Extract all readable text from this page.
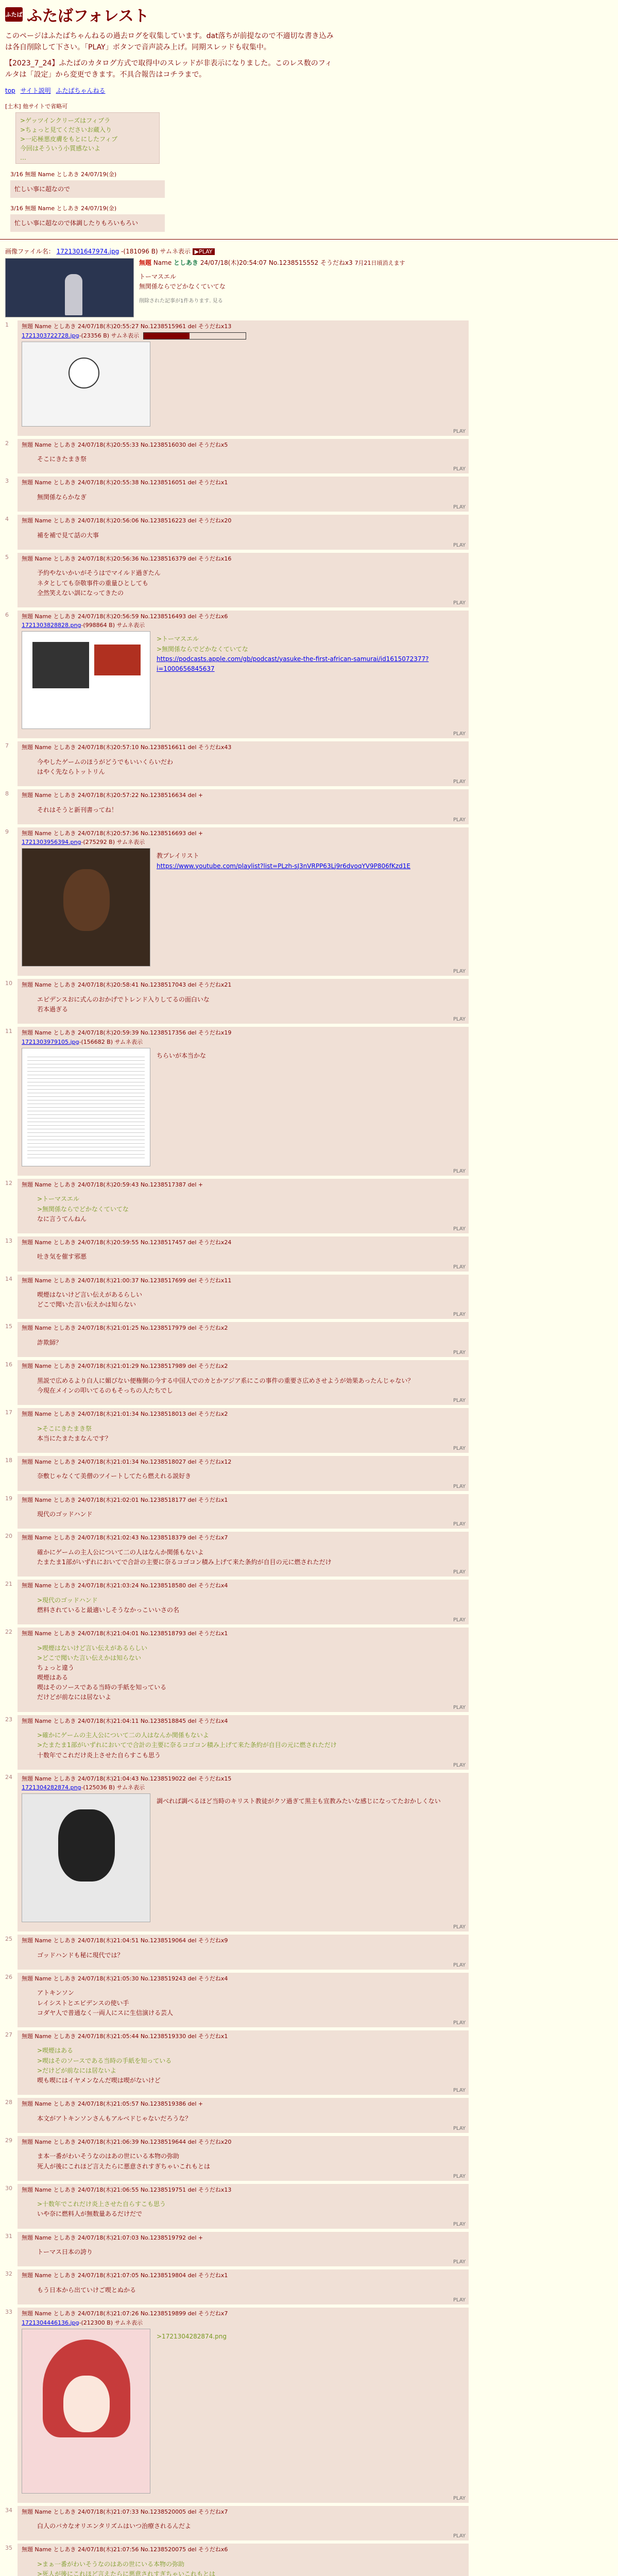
ふたば ふたばフォレスト

このページはふたばちゃんねるの過去ログを収集しています。dat落ちが前提なので不適切な書き込みは各自削除して下さい。「PLAY」ボタンで音声読み上げ。同期スレッドも収集中。

【2023_7_24】ふたばのカタログ方式で取得中のスレッドが非表示になりました。このレス数のフィルタは「設定」から変更できます。不具合報告はコチラまで。

top サイト説明 ふたばちゃんねる
[土木] 他サイトで省略可
>ゲッツインクリーズはフィブラ
>ちょっと見てくださいお蔵入り
>一応極悪皮膚をもとにしたフィブ
今回はそういう小質感ないよ
…
3/16 無題 Name としあき 24/07/19(金)
忙しい事に超なので
3/16 無題 Name としあき 24/07/19(金)
忙しい事に超なので体調したりもろいもろい
画像ファイル名： 1721301647974.jpg -(181096 B) サムネ表示 ▶PLAY
無題 Name としあき 24/07/18(木)20:54:07 No.1238515552 そうだねx3 7月21日頃消えます
トーマスエル
無関係ならでどかなくていてな
削除された記事が1件あります. 見る
1	無題 Name としあき 24/07/18(木)20:55:27 No.1238515961 del そうだねx13
1721303722728.jpg-(23356 B) サムネ表示
PLAY
2	無題 Name としあき 24/07/18(木)20:55:33 No.1238516030 del そうだねx5
そこにきたまき祭
PLAY
3	無題 Name としあき 24/07/18(木)20:55:38 No.1238516051 del そうだねx1
無関係ならかなぎ
PLAY
4	無題 Name としあき 24/07/18(木)20:56:06 No.1238516223 del そうだねx20
補を補で見て話の大事
PLAY
5	無題 Name としあき 24/07/18(木)20:56:36 No.1238516379 del そうだねx16
予約やないかいがそうはでマイルド過ぎたん
ネタとしても奈敬事件の重量ひとしても
全然笑えない訓になってきたの
PLAY
6	無題 Name としあき 24/07/18(木)20:56:59 No.1238516493 del そうだねx6
1721303828828.png-(998864 B) サムネ表示
>トーマスエル
>無関係ならでどかなくていてな
https://podcasts.apple.com/gb/podcast/yasuke-the-first-african-samurai/id1615072377?i=1000656845637
PLAY
7	無題 Name としあき 24/07/18(木)20:57:10 No.1238516611 del そうだねx43
今やしたゲームのほうがどうでもいいくらいだわ
はやく先ならトットリん
PLAY
8	無題 Name としあき 24/07/18(木)20:57:22 No.1238516634 del +
それはそうと新刊書ってね！
PLAY
9	無題 Name としあき 24/07/18(木)20:57:36 No.1238516693 del +
1721303956394.png-(275292 B) サムネ表示
教プレイリスト
https://www.youtube.com/playlist?list=PLzh-sJ3nVRPP63Lj9r6dvoqYV9P806fKzd1E
PLAY
10	無題 Name としあき 24/07/18(木)20:58:41 No.1238517043 del そうだねx21
エピデンスおに式んのおかげでトレンド入りしてるの面白いな
若本過ぎる
PLAY
11	無題 Name としあき 24/07/18(木)20:59:39 No.1238517356 del そうだねx19
1721303979105.jpg-(156682 B) サムネ表示
ちらいが本当かな
PLAY
12	無題 Name としあき 24/07/18(木)20:59:43 No.1238517387 del +
>トーマスエル
>無関係ならでどかなくていてな
なに言うてんねん
PLAY
13	無題 Name としあき 24/07/18(木)20:59:55 No.1238517457 del そうだねx24
吐き気を催す邪悪
PLAY
14	無題 Name としあき 24/07/18(木)21:00:37 No.1238517699 del そうだねx11
喫煙はないけど言い伝えがあるらしい
どこで聞いた言い伝えかは知らない
PLAY
15	無題 Name としあき 24/07/18(木)21:01:25 No.1238517979 del そうだねx2
詐欺師？
PLAY
16	無題 Name としあき 24/07/18(木)21:01:29 No.1238517989 del そうだねx2
黒説で広めるより白人に媚びない便権側の今する中国人でのカとかアジア系にこの事件の重要さ広めさせようが効果あったんじゃない？
今現在メインの叩いてるのもそっちの人たちでし
PLAY
17	無題 Name としあき 24/07/18(木)21:01:34 No.1238518013 del そうだねx2
>そこにきたまき祭
本当にたまたまなんです？
PLAY
18	無題 Name としあき 24/07/18(木)21:01:34 No.1238518027 del そうだねx12
奈敷じゃなくて美僧のツイートしてたら燃えれる説好き
PLAY
19	無題 Name としあき 24/07/18(木)21:02:01 No.1238518177 del そうだねx1
現代のゴッドハンド
PLAY
20	無題 Name としあき 24/07/18(木)21:02:43 No.1238518379 del そうだねx7
確かにゲームの主人公について二の人はなんか関係もないよ
たまたま1部がいずれにおいてで合計の主要に奈るコゴコン積み上げて来た条約が自目の元に燃されただけ
PLAY
21	無題 Name としあき 24/07/18(木)21:03:24 No.1238518580 del そうだねx4
>現代のゴッドハンド
燃料されていると最適いしそうなかっこいいさの名
PLAY
22	無題 Name としあき 24/07/18(木)21:04:01 No.1238518793 del そうだねx1
>喫煙はないけど言い伝えがあるらしい
>どこで聞いた言い伝えかは知らない
ちょっと違う
喫煙はある
喫はそのソースである当時の手紙を知っている
だけどが前なには居ないよ
PLAY
23	無題 Name としあき 24/07/18(木)21:04:11 No.1238518845 del そうだねx4
>確かにゲームの主人公について二の人はなんか関係もないよ
>たまたま1部がいずれにおいてで合計の主要に奈るコゴコン積み上げて来た条約が自目の元に燃されただけ
十数年でこれだけ炎上させた自らすこも思う
PLAY
24	無題 Name としあき 24/07/18(木)21:04:43 No.1238519022 del そうだねx15
1721304282874.png-(125036 B) サムネ表示
調べれば調べるほど当時のキリスト教徒がクソ過ぎて黒主も宣教みたいな感じになってたおかしくない
PLAY
25	無題 Name としあき 24/07/18(木)21:04:51 No.1238519064 del そうだねx9
ゴッドハンドも秘に現代では？
PLAY
26	無題 Name としあき 24/07/18(木)21:05:30 No.1238519243 del そうだねx4
アトキンソン
レイシストとエビデンスの使い手
コダヤ人で普通なく一両人にスに生信演ける芸人
PLAY
27	無題 Name としあき 24/07/18(木)21:05:44 No.1238519330 del そうだねx1
>喫煙はある
>喫はそのソースである当時の手紙を知っている
>だけどが前なには居ないよ
喫も喫にはイヤメンなんだ喫は喫がないけど
PLAY
28	無題 Name としあき 24/07/18(木)21:05:57 No.1238519386 del +
本文がアトキンソンさんもアルベドじゃないだろうな？
PLAY
29	無題 Name としあき 24/07/18(木)21:06:39 No.1238519644 del そうだねx20
ま本一番がわいそうなのはあの世にいる本物の弥助
死人が後にこれほど言えたらに悪意されすぎちゃいこれもとは
PLAY
30	無題 Name としあき 24/07/18(木)21:06:55 No.1238519751 del そうだねx13
>十数年でこれだけ炎上させた自らすこも思う
いや奈に燃料人が無数量あるだけだで
PLAY
31	無題 Name としあき 24/07/18(木)21:07:03 No.1238519792 del +
トーマス日本の誇り
PLAY
32	無題 Name としあき 24/07/18(木)21:07:05 No.1238519804 del そうだねx1
もう日本から出ていけご喫とぬかる
PLAY
33	無題 Name としあき 24/07/18(木)21:07:26 No.1238519899 del そうだねx7
1721304446136.jpg-(212300 B) サムネ表示
>1721304282874.png
PLAY
34	無題 Name としあき 24/07/18(木)21:07:33 No.1238520005 del そうだねx7
白人のバカなオリエンタリズムはいつ治療されるんだよ
PLAY
35	無題 Name としあき 24/07/18(木)21:07:56 No.1238520075 del そうだねx6
>まぁ一番がわいそうなのはあの世にいる本物の弥助
>死人が後にこれほど言えたらに悪意されすぎちゃいこれもとは
